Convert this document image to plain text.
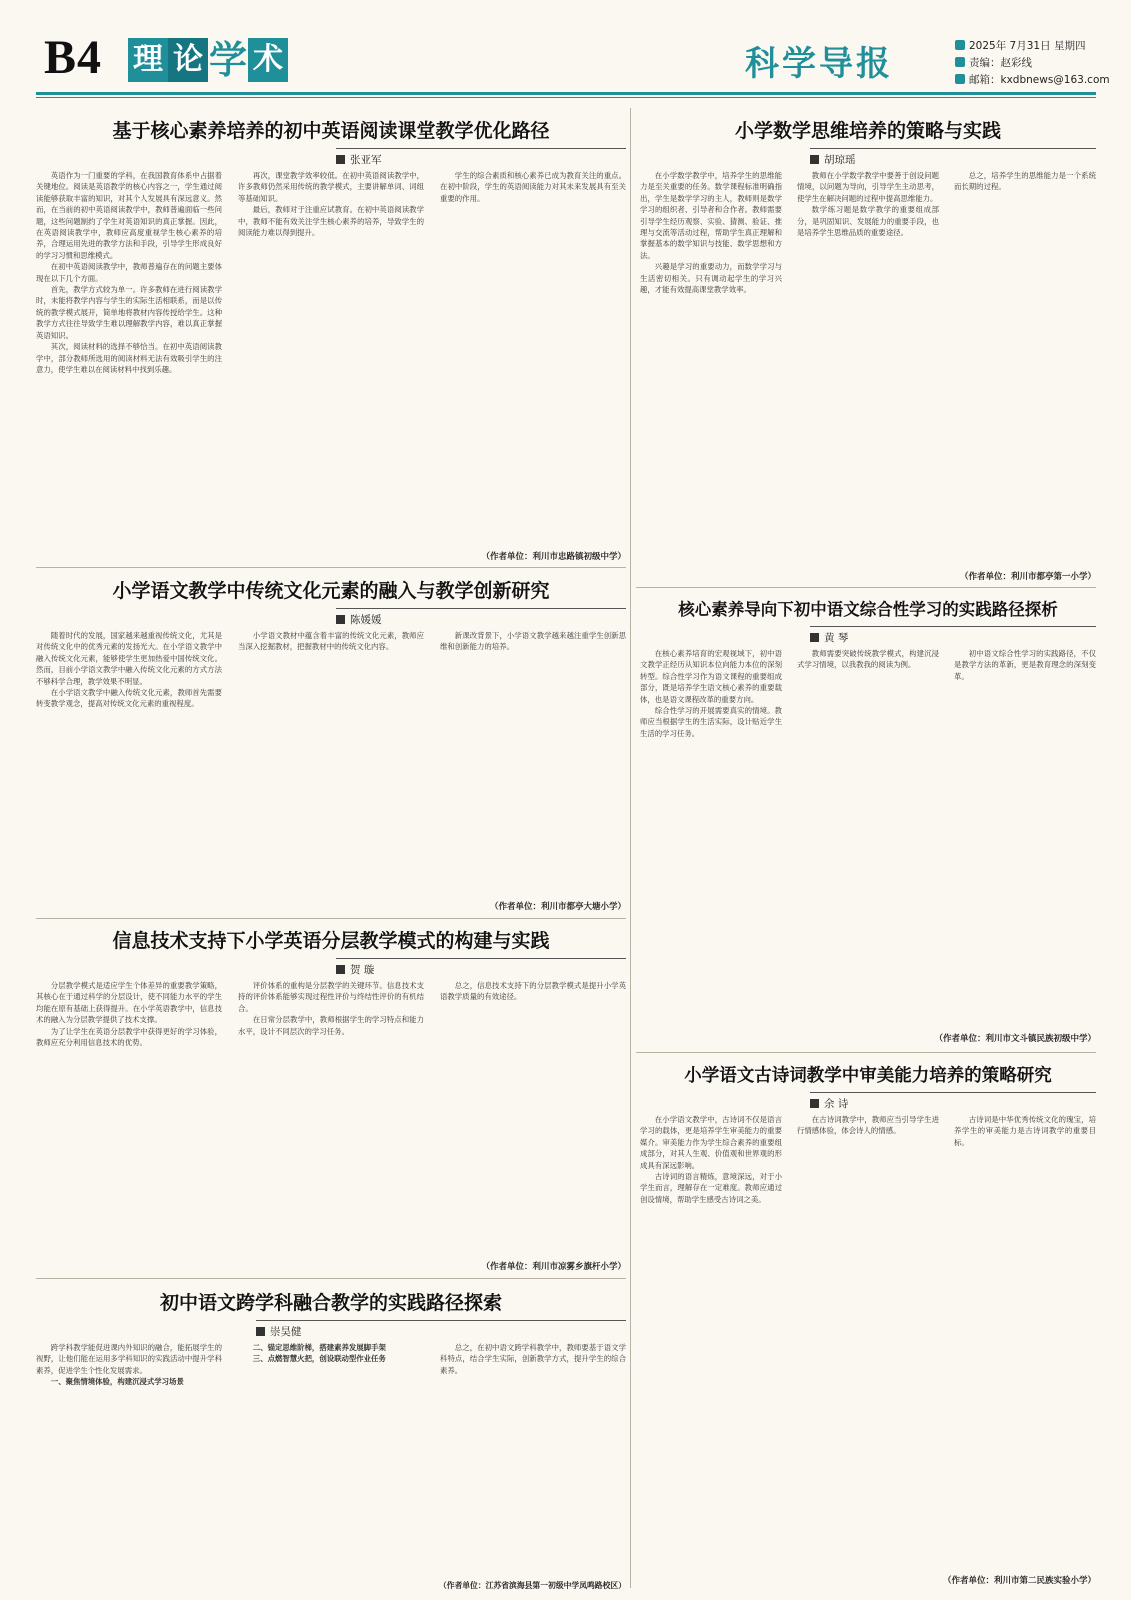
B4 理 论 学 术	科学导报	2025年 7月31日 星期四
责编：赵彩线
邮箱：kxdbnews@163.com
基于核心素养培养的初中英语阅读课堂教学优化路径
张亚军

英语作为一门重要的学科，在我国教育体系中占据着关键地位。阅读是英语教学的核心内容之一，学生通过阅读能够获取丰富的知识，对其个人发展具有深远意义。然而，在当前的初中英语阅读教学中，教师普遍面临一些问题，这些问题制约了学生对英语知识的真正掌握。因此，在英语阅读教学中，教师应高度重视学生核心素养的培养，合理运用先进的教学方法和手段，引导学生形成良好的学习习惯和思维模式。

在初中英语阅读教学中，教师普遍存在的问题主要体现在以下几个方面。

首先，教学方式较为单一。许多教师在进行阅读教学时，未能将教学内容与学生的实际生活相联系，而是以传统的教学模式展开，简单地将教材内容传授给学生。这种教学方式往往导致学生难以理解教学内容，难以真正掌握英语知识。

其次，阅读材料的选择不够恰当。在初中英语阅读教学中，部分教师所选用的阅读材料无法有效吸引学生的注意力，使学生难以在阅读材料中找到乐趣。

再次，课堂教学效率较低。在初中英语阅读教学中，许多教师仍然采用传统的教学模式，主要讲解单词、词组等基础知识。

最后，教师对于注重应试教育。在初中英语阅读教学中，教师不能有效关注学生核心素养的培养，导致学生的阅读能力难以得到提升。

学生的综合素质和核心素养已成为教育关注的重点。在初中阶段，学生的英语阅读能力对其未来发展具有至关重要的作用。

（作者单位：利川市忠路镇初级中学）
小学数学思维培养的策略与实践
胡琼瑶

在小学数学教学中，培养学生的思维能力是至关重要的任务。数学课程标准明确指出，学生是数学学习的主人，教师则是数学学习的组织者、引导者和合作者。教师需要引导学生经历观察、实验、猜测、验证、推理与交流等活动过程，帮助学生真正理解和掌握基本的数学知识与技能、数学思想和方法。

兴趣是学习的重要动力，而数学学习与生活密切相关。只有调动起学生的学习兴趣，才能有效提高课堂教学效率。

教师在小学数学教学中要善于创设问题情境，以问题为导向，引导学生主动思考，使学生在解决问题的过程中提高思维能力。

数学练习题是数学教学的重要组成部分，是巩固知识、发展能力的重要手段，也是培养学生思维品质的重要途径。

总之，培养学生的思维能力是一个系统而长期的过程。

（作者单位：利川市都亭第一小学）
小学语文教学中传统文化元素的融入与教学创新研究
陈媛媛

随着时代的发展，国家越来越重视传统文化，尤其是对传统文化中的优秀元素的发扬光大。在小学语文教学中融入传统文化元素，能够使学生更加热爱中国传统文化。然而，目前小学语文教学中融入传统文化元素的方式方法不够科学合理，教学效果不明显。

在小学语文教学中融入传统文化元素，教师首先需要转变教学观念，提高对传统文化元素的重视程度。

小学语文教材中蕴含着丰富的传统文化元素，教师应当深入挖掘教材，把握教材中的传统文化内容。

新课改背景下，小学语文教学越来越注重学生创新思维和创新能力的培养。

（作者单位：利川市都亭大塘小学）
核心素养导向下初中语文综合性学习的实践路径探析
黄 琴

在核心素养培育的宏观视域下，初中语文教学正经历从知识本位向能力本位的深刻转型。综合性学习作为语文课程的重要组成部分，既是培养学生语文核心素养的重要载体，也是语文课程改革的重要方向。

综合性学习的开展需要真实的情境。教师应当根据学生的生活实际，设计贴近学生生活的学习任务。

教师需要突破传统教学模式，构建沉浸式学习情境，以我教我的阅读为例。

初中语文综合性学习的实践路径，不仅是教学方法的革新，更是教育理念的深刻变革。

（作者单位：利川市文斗镇民族初级中学）
信息技术支持下小学英语分层教学模式的构建与实践
贺 璇

分层教学模式是适应学生个体差异的重要教学策略，其核心在于通过科学的分层设计，使不同能力水平的学生均能在原有基础上获得提升。在小学英语教学中，信息技术的融入为分层教学提供了技术支撑。

为了让学生在英语分层教学中获得更好的学习体验，教师应充分利用信息技术的优势。

评价体系的重构是分层教学的关键环节。信息技术支持的评价体系能够实现过程性评价与终结性评价的有机结合。

在日常分层教学中，教师根据学生的学习特点和能力水平，设计不同层次的学习任务。

总之，信息技术支持下的分层教学模式是提升小学英语教学质量的有效途径。

（作者单位：利川市凉雾乡旗杆小学）
小学语文古诗词教学中审美能力培养的策略研究
余 诗

在小学语文教学中，古诗词不仅是语言学习的载体，更是培养学生审美能力的重要媒介。审美能力作为学生综合素养的重要组成部分，对其人生观、价值观和世界观的形成具有深远影响。

古诗词的语言精炼，意境深远，对于小学生而言，理解存在一定难度。教师应通过创设情境，帮助学生感受古诗词之美。

在古诗词教学中，教师应当引导学生进行情感体验，体会诗人的情感。

古诗词是中华优秀传统文化的瑰宝，培养学生的审美能力是古诗词教学的重要目标。

（作者单位：利川市第二民族实验小学）
初中语文跨学科融合教学的实践路径探索
崇昊健

跨学科教学能促进课内外知识的融合，能拓展学生的视野，让他们能在运用多学科知识的实践活动中提升学科素养，促进学生个性化发展需求。

一、聚焦情境体验，构建沉浸式学习场景

二、锚定思维阶梯，搭建素养发展脚手架

三、点燃智慧火把，创设联动型作业任务

总之，在初中语文跨学科教学中，教师要基于语文学科特点，结合学生实际，创新教学方式，提升学生的综合素养。

（作者单位：江苏省滨海县第一初级中学凤鸣路校区）
